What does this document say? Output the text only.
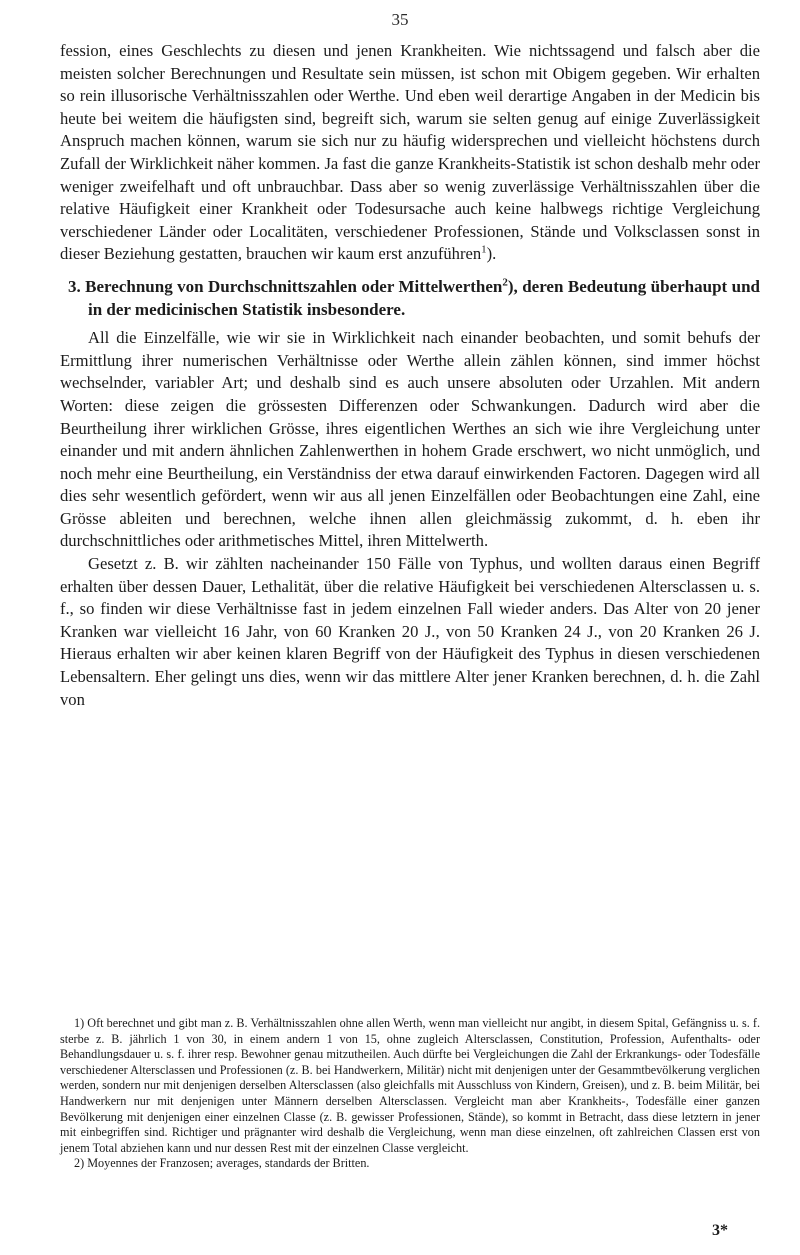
35

fession, eines Geschlechts zu diesen und jenen Krankheiten. Wie nichtssagend und falsch aber die meisten solcher Berechnungen und Resultate sein müssen, ist schon mit Obigem gegeben. Wir erhalten so rein illusorische Verhältnisszahlen oder Werthe. Und eben weil derartige Angaben in der Medicin bis heute bei weitem die häufigsten sind, begreift sich, warum sie selten genug auf einige Zuverlässigkeit Anspruch machen können, warum sie sich nur zu häufig widersprechen und vielleicht höchstens durch Zufall der Wirklichkeit näher kommen. Ja fast die ganze Krankheits-Statistik ist schon deshalb mehr oder weniger zweifelhaft und oft unbrauchbar. Dass aber so wenig zuverlässige Verhältnisszahlen über die relative Häufigkeit einer Krankheit oder Todesursache auch keine halbwegs richtige Vergleichung verschiedener Länder oder Localitäten, verschiedener Professionen, Stände und Volksclassen sonst in dieser Beziehung gestatten, brauchen wir kaum erst anzuführen$^1$).

3. Berechnung von Durchschnittszahlen oder Mittelwerthen$^2$), deren Bedeutung überhaupt und in der medicinischen Statistik insbesondere.

All die Einzelfälle, wie wir sie in Wirklichkeit nach einander beobachten, und somit behufs der Ermittlung ihrer numerischen Verhältnisse oder Werthe allein zählen können, sind immer höchst wechselnder, variabler Art; und deshalb sind es auch unsere absoluten oder Urzahlen. Mit andern Worten: diese zeigen die grössesten Differenzen oder Schwankungen. Dadurch wird aber die Beurtheilung ihrer wirklichen Grösse, ihres eigentlichen Werthes an sich wie ihre Vergleichung unter einander und mit andern ähnlichen Zahlenwerthen in hohem Grade erschwert, wo nicht unmöglich, und noch mehr eine Beurtheilung, ein Verständniss der etwa darauf einwirkenden Factoren. Dagegen wird all dies sehr wesentlich gefördert, wenn wir aus all jenen Einzelfällen oder Beobachtungen eine Zahl, eine Grösse ableiten und berechnen, welche ihnen allen gleichmässig zukommt, d. h. eben ihr durchschnittliches oder arithmetisches Mittel, ihren Mittelwerth.

Gesetzt z. B. wir zählten nacheinander 150 Fälle von Typhus, und wollten daraus einen Begriff erhalten über dessen Dauer, Lethalität, über die relative Häufigkeit bei verschiedenen Altersclassen u. s. f., so finden wir diese Verhältnisse fast in jedem einzelnen Fall wieder anders. Das Alter von 20 jener Kranken war vielleicht 16 Jahr, von 60 Kranken 20 J., von 50 Kranken 24 J., von 20 Kranken 26 J. Hieraus erhalten wir aber keinen klaren Begriff von der Häufigkeit des Typhus in diesen verschiedenen Lebensaltern. Eher gelingt uns dies, wenn wir das mittlere Alter jener Kranken berechnen, d. h. die Zahl von

1) Oft berechnet und gibt man z. B. Verhältnisszahlen ohne allen Werth, wenn man vielleicht nur angibt, in diesem Spital, Gefängniss u. s. f. sterbe z. B. jährlich 1 von 30, in einem andern 1 von 15, ohne zugleich Altersclassen, Constitution, Profession, Aufenthalts- oder Behandlungsdauer u. s. f. ihrer resp. Bewohner genau mitzutheilen. Auch dürfte bei Vergleichungen die Zahl der Erkrankungs- oder Todesfälle verschiedener Altersclassen und Professionen (z. B. bei Handwerkern, Militär) nicht mit denjenigen unter der Gesammtbevölkerung verglichen werden, sondern nur mit denjenigen derselben Altersclassen (also gleichfalls mit Ausschluss von Kindern, Greisen), und z. B. beim Militär, bei Handwerkern nur mit denjenigen unter Männern derselben Altersclassen. Vergleicht man aber Krankheits-, Todesfälle einer ganzen Bevölkerung mit denjenigen einer einzelnen Classe (z. B. gewisser Professionen, Stände), so kommt in Betracht, dass diese letztern in jener mit einbegriffen sind. Richtiger und prägnanter wird deshalb die Vergleichung, wenn man diese einzelnen, oft zahlreichen Classen erst von jenem Total abziehen kann und nur dessen Rest mit der einzelnen Classe vergleicht.

2) Moyennes der Franzosen; averages, standards der Britten.

3*
